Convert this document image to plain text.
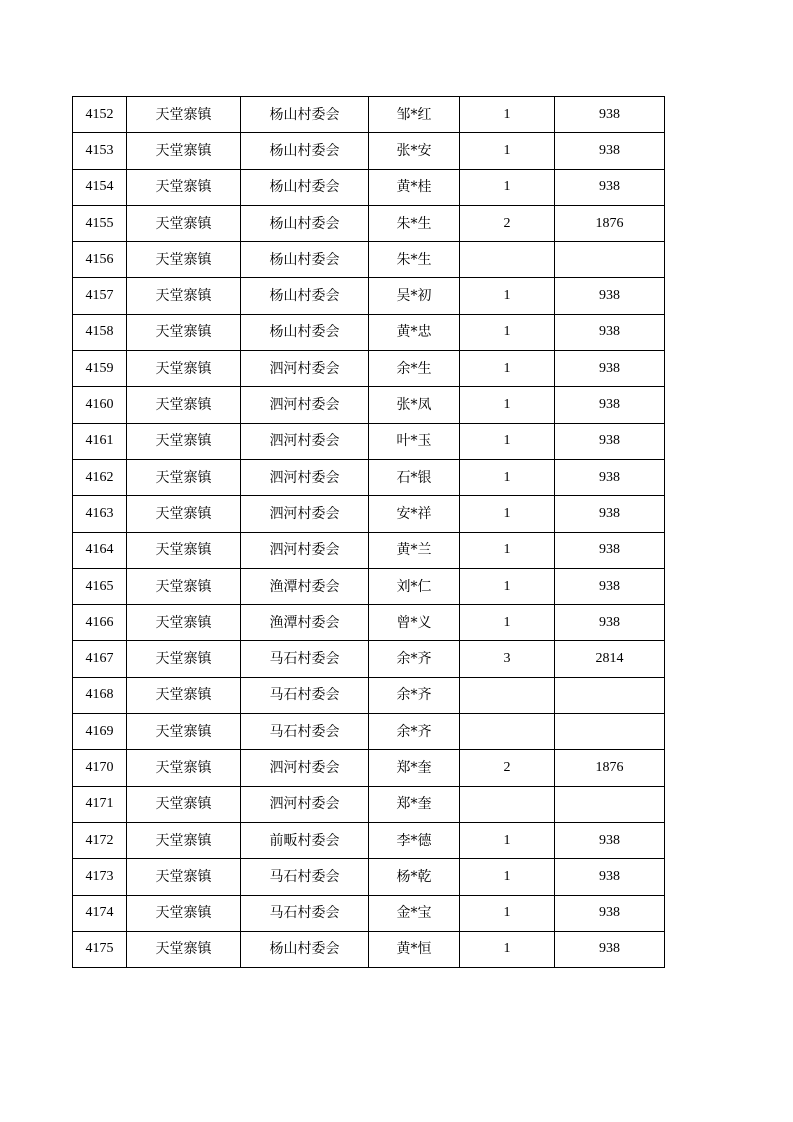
4152	天堂寨镇	杨山村委会	邹*红	1	938
4153	天堂寨镇	杨山村委会	张*安	1	938
4154	天堂寨镇	杨山村委会	黄*桂	1	938
4155	天堂寨镇	杨山村委会	朱*生	2	1876
4156	天堂寨镇	杨山村委会	朱*生		
4157	天堂寨镇	杨山村委会	吴*初	1	938
4158	天堂寨镇	杨山村委会	黄*忠	1	938
4159	天堂寨镇	泗河村委会	余*生	1	938
4160	天堂寨镇	泗河村委会	张*凤	1	938
4161	天堂寨镇	泗河村委会	叶*玉	1	938
4162	天堂寨镇	泗河村委会	石*银	1	938
4163	天堂寨镇	泗河村委会	安*祥	1	938
4164	天堂寨镇	泗河村委会	黄*兰	1	938
4165	天堂寨镇	渔潭村委会	刘*仁	1	938
4166	天堂寨镇	渔潭村委会	曾*义	1	938
4167	天堂寨镇	马石村委会	余*齐	3	2814
4168	天堂寨镇	马石村委会	余*齐		
4169	天堂寨镇	马石村委会	余*齐		
4170	天堂寨镇	泗河村委会	郑*奎	2	1876
4171	天堂寨镇	泗河村委会	郑*奎		
4172	天堂寨镇	前畈村委会	李*德	1	938
4173	天堂寨镇	马石村委会	杨*乾	1	938
4174	天堂寨镇	马石村委会	金*宝	1	938
4175	天堂寨镇	杨山村委会	黄*恒	1	938
